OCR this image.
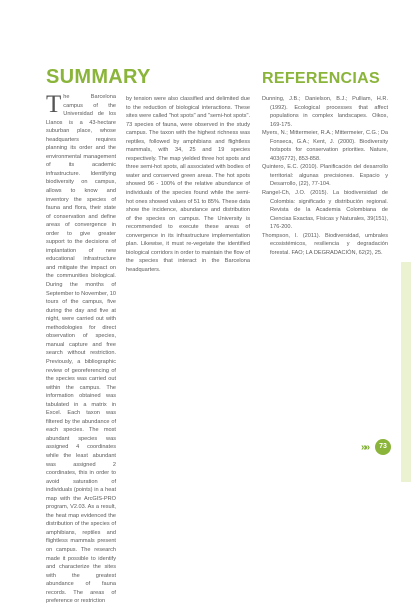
SUMMARY

The Barcelona campus of the Universidad de los Llanos is a 43-hectare suburban place, whose headquarters requires planning its order and the environmental management of its academic infrastructure. Identifying biodiversity on campus, allows to know and inventory the species of fauna and flora, their state of conservation and define areas of convergence in order to give greater support to the decisions of implantation of new educational infrastructure and mitigate the impact on the communities biological. During the months of September to November, 10 tours of the campus, five during the day and five at night, were carried out with methodologies for direct observation of species, manual capture and free search without restriction. Previously, a bibliographic review of georeferencing of the species was carried out within the campus. The information obtained was tabulated in a matrix in Excel. Each taxon was filtered by the abundance of each species. The most abundant species was assigned 4 coordinates while the least abundant was assigned 2 coordinates, this in order to avoid saturation of individuals (points) in a heat map with the ArcGIS-PRO program, V2.03. As a result, the heat map evidenced the distribution of the species of amphibians, reptiles and flightless mammals present on campus. The research made it possible to identify and characterize the sites with the greatest abundance of fauna records. The areas of preference or restriction

by tension were also classified and delimited due to the reduction of biological interactions. These sites were called "hot spots" and "semi-hot spots". 73 species of fauna, were observed in the study campus. The taxon with the highest richness was reptiles, followed by amphibians and flightless mammals, with 34, 25 and 19 species respectively. The map yielded three hot spots and three semi-hot spots, all associated with bodies of water and conserved green areas. The hot spots showed 96 - 100% of the relative abundance of individuals of the species found while the semi-hot ones showed values of 51 to 85%. These data show the incidence, abundance and distribution of the species on campus. The University is recommended to execute these areas of convergence in its infrastructure implementation plan. Likewise, it must re-vegetate the identified biological corridors in order to maintain the flow of the species that interact in the Barcelona headquarters.

REFERENCIAS

Dunning, J.B.; Danielson, B.J.; Pulliam, H.R. (1992). Ecological processes that affect populations in complex landscapes. Oikos, 169-175.

Myers, N.; Mittermeier, R.A.; Mittermeier, C.G.; Da Fonseca, G.A.; Kent, J. (2000). Biodiversity hotspots for conservation priorities. Nature, 403(6772), 853-858.

Quintero, E.C. (2010). Planificación del desarrollo territorial: algunas precisiones. Espacio y Desarrollo, (22), 77-104.

Rangel-Ch, J.O. (2015). La biodiversidad de Colombia: significado y distribución regional. Revista de la Academia Colombiana de Ciencias Exactas, Físicas y Naturales, 39(151), 176-200.

Thompson, I. (2011). Biodiversidad, umbrales ecosistémicos, resiliencia y degradación forestal. FAO; LA DEGRADACIÓN, 62(2), 25.

»»	73
